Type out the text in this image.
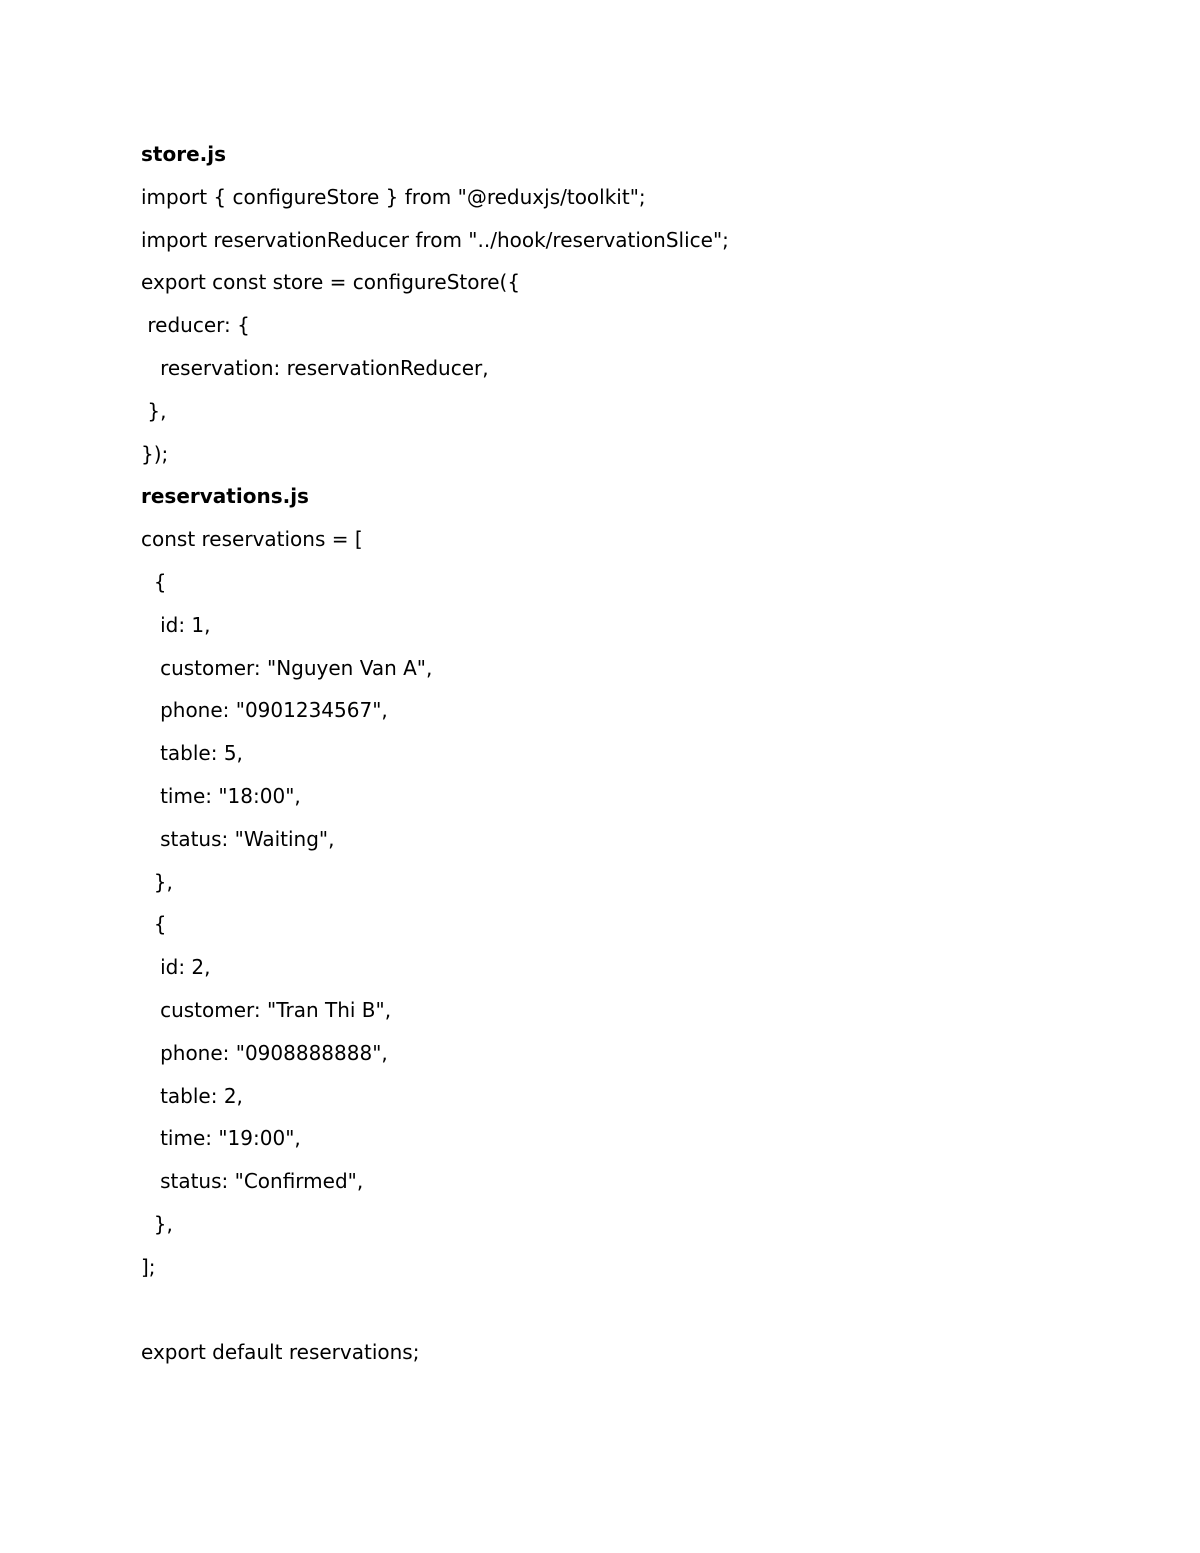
store.js
import { configureStore } from "@reduxjs/toolkit";
import reservationReducer from "../hook/reservationSlice";
export const store = configureStore({
reducer: {
reservation: reservationReducer,
},
});
reservations.js
const reservations = [
{
id: 1,
customer: "Nguyen Van A",
phone: "0901234567",
table: 5,
time: "18:00",
status: "Waiting",
},
{
id: 2,
customer: "Tran Thi B",
phone: "0908888888",
table: 2,
time: "19:00",
status: "Confirmed",
},
];
export default reservations;
